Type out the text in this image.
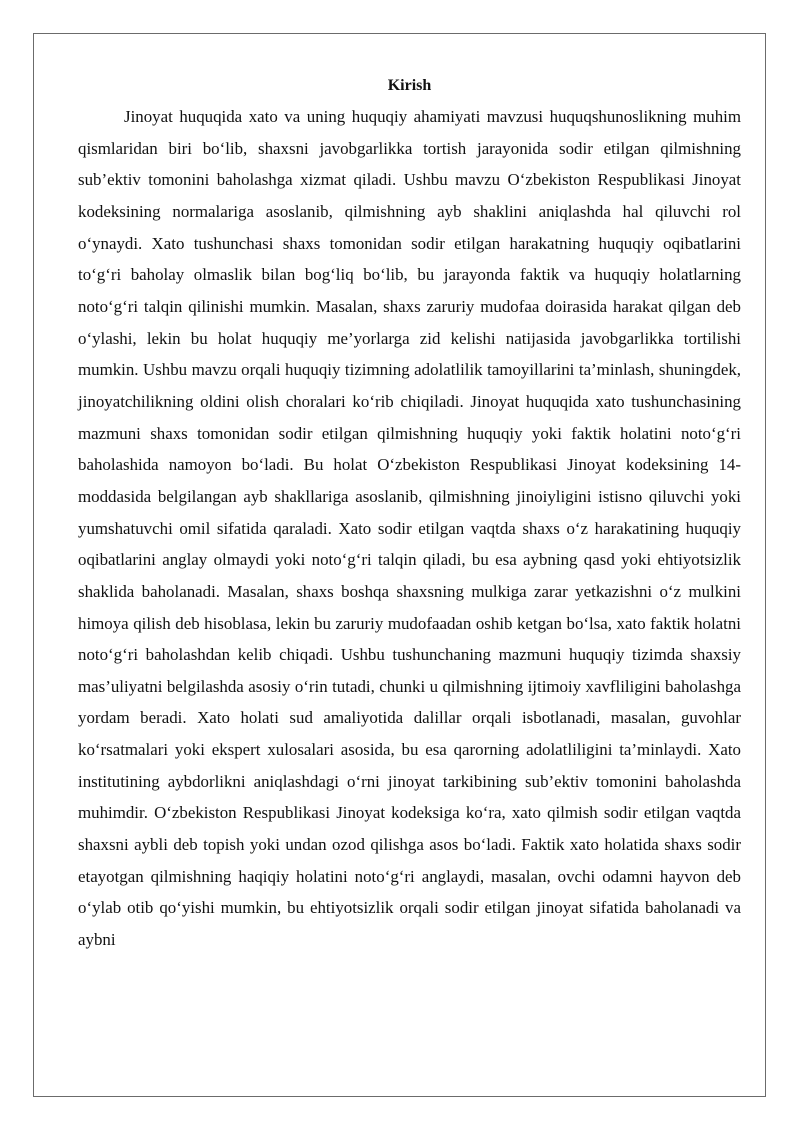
Kirish

Jinoyat huquqida xato va uning huquqiy ahamiyati mavzusi huquqshunoslikning muhim qismlaridan biri bo‘lib, shaxsni javobgarlikka tortish jarayonida sodir etilgan qilmishning sub’ektiv tomonini baholashga xizmat qiladi. Ushbu mavzu O‘zbekiston Respublikasi Jinoyat kodeksining normalariga asoslanib, qilmishning ayb shaklini aniqlashda hal qiluvchi rol o‘ynaydi. Xato tushunchasi shaxs tomonidan sodir etilgan harakatning huquqiy oqibatlarini to‘g‘ri baholay olmaslik bilan bog‘liq bo‘lib, bu jarayonda faktik va huquqiy holatlarning noto‘g‘ri talqin qilinishi mumkin. Masalan, shaxs zaruriy mudofaa doirasida harakat qilgan deb o‘ylashi, lekin bu holat huquqiy me’yorlarga zid kelishi natijasida javobgarlikka tortilishi mumkin. Ushbu mavzu orqali huquqiy tizimning adolatlilik tamoyillarini ta’minlash, shuningdek, jinoyatchilikning oldini olish choralari ko‘rib chiqiladi. Jinoyat huquqida xato tushunchasining mazmuni shaxs tomonidan sodir etilgan qilmishning huquqiy yoki faktik holatini noto‘g‘ri baholashida namoyon bo‘ladi. Bu holat O‘zbekiston Respublikasi Jinoyat kodeksining 14-moddasida belgilangan ayb shakllariga asoslanib, qilmishning jinoiyligini istisno qiluvchi yoki yumshatuvchi omil sifatida qaraladi. Xato sodir etilgan vaqtda shaxs o‘z harakatining huquqiy oqibatlarini anglay olmaydi yoki noto‘g‘ri talqin qiladi, bu esa aybning qasd yoki ehtiyotsizlik shaklida baholanadi. Masalan, shaxs boshqa shaxsning mulkiga zarar yetkazishni o‘z mulkini himoya qilish deb hisoblasa, lekin bu zaruriy mudofaadan oshib ketgan bo‘lsa, xato faktik holatni noto‘g‘ri baholashdan kelib chiqadi. Ushbu tushunchaning mazmuni huquqiy tizimda shaxsiy mas’uliyatni belgilashda asosiy o‘rin tutadi, chunki u qilmishning ijtimoiy xavfliligini baholashga yordam beradi. Xato holati sud amaliyotida dalillar orqali isbotlanadi, masalan, guvohlar ko‘rsatmalari yoki ekspert xulosalari asosida, bu esa qarorning adolatliligini ta’minlaydi. Xato institutining aybdorlikni aniqlashdagi o‘rni jinoyat tarkibining sub’ektiv tomonini baholashda muhimdir. O‘zbekiston Respublikasi Jinoyat kodeksiga ko‘ra, xato qilmish sodir etilgan vaqtda shaxsni aybli deb topish yoki undan ozod qilishga asos bo‘ladi. Faktik xato holatida shaxs sodir etayotgan qilmishning haqiqiy holatini noto‘g‘ri anglaydi, masalan, ovchi odamni hayvon deb o‘ylab otib qo‘yishi mumkin, bu ehtiyotsizlik orqali sodir etilgan jinoyat sifatida baholanadi va aybni
